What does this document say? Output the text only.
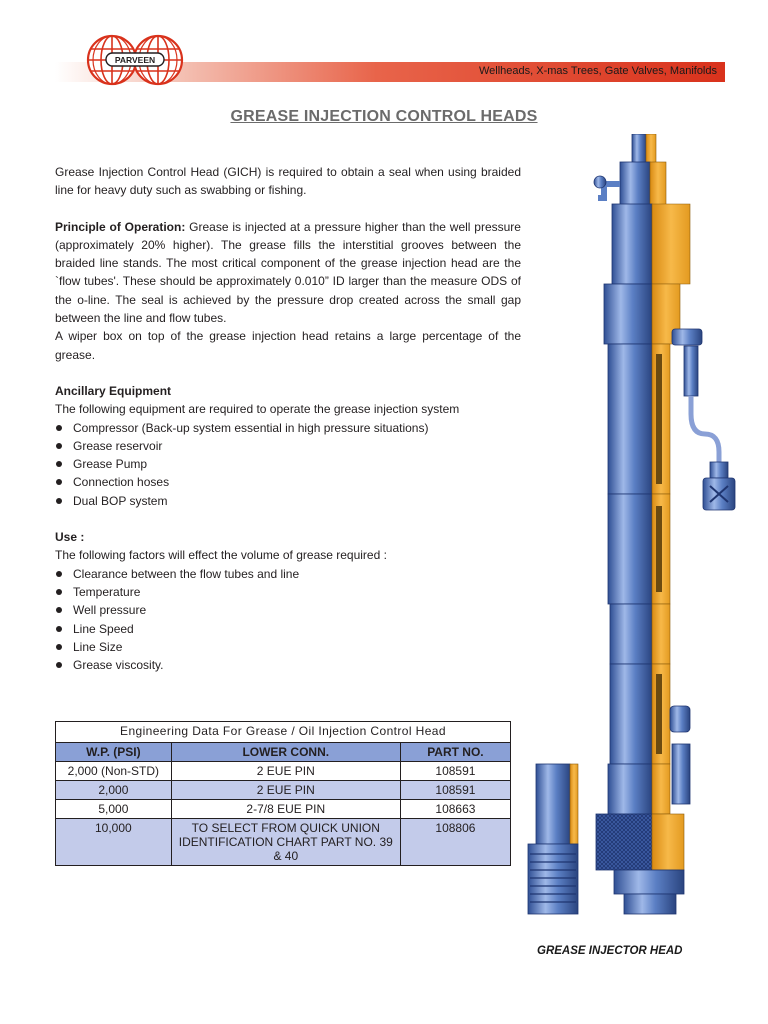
Wellheads, X-mas Trees, Gate Valves, Manifolds
PARVEEN
GREASE INJECTION CONTROL HEADS

Grease Injection Control Head (GICH) is required to obtain a seal when using braided line for heavy duty such as swabbing or fishing.

Principle of Operation: Grease is injected at a pressure higher than the well pressure (approximately 20% higher). The grease fills the interstitial grooves between the braided line stands. The most critical component of the grease injection head are the `flow tubes'. These should be approximately 0.010” ID larger than the measure ODS of the o-line. The seal is achieved by the pressure drop created across the small gap between the line and flow tubes.

A wiper box on top of the grease injection head retains a large percentage of the grease.

Ancillary Equipment
The following equipment are required to operate the grease injection system
Compressor (Back-up system essential in high pressure situations)
Grease reservoir
Grease Pump
Connection hoses
Dual BOP system
Use :
The following factors will effect the volume of grease required :
Clearance between the flow tubes and line
Temperature
Well pressure
Line Speed
Line Size
Grease viscosity.
Engineering Data For Grease / Oil Injection Control Head		
W.P. (PSI)	LOWER CONN.	PART NO.
2,000 (Non-STD)	2 EUE PIN	108591
2,000	2 EUE PIN	108591
5,000	2-7/8 EUE PIN	108663
10,000	TO SELECT FROM QUICK UNION IDENTIFICATION CHART PART NO. 39 & 40	108806
GREASE INJECTOR HEAD
